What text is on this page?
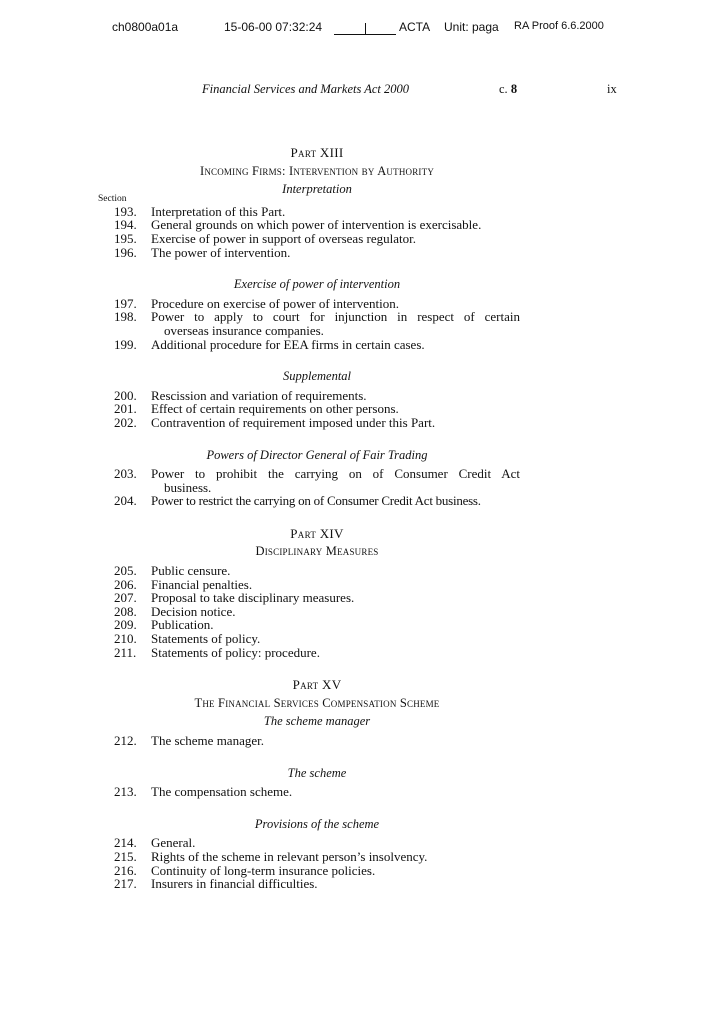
ch0800a01a	15-06-00 07:32:24	ACTA Unit: paga RA Proof 6.6.2000
Financial Services and Markets Act 2000	c. 8	ix

Part XIII

Incoming Firms: Intervention by Authority

Interpretation

Section
193.	Interpretation of this Part.
194.	General grounds on which power of intervention is exercisable.
195.	Exercise of power in support of overseas regulator.
196.	The power of intervention.

Exercise of power of intervention

197.	Procedure on exercise of power of intervention.
198.	Power to apply to court for injunction in respect of certain
overseas insurance companies.
199.	Additional procedure for EEA firms in certain cases.

Supplemental

200.	Rescission and variation of requirements.
201.	Effect of certain requirements on other persons.
202.	Contravention of requirement imposed under this Part.

Powers of Director General of Fair Trading

203.	Power to prohibit the carrying on of Consumer Credit Act
business.
204.	Power to restrict the carrying on of Consumer Credit Act business.

Part XIV

Disciplinary Measures

205.	Public censure.
206.	Financial penalties.
207.	Proposal to take disciplinary measures.
208.	Decision notice.
209.	Publication.
210.	Statements of policy.
211.	Statements of policy: procedure.

Part XV

The Financial Services Compensation Scheme

The scheme manager

212.	The scheme manager.

The scheme

213.	The compensation scheme.

Provisions of the scheme

214.	General.
215.	Rights of the scheme in relevant person’s insolvency.
216.	Continuity of long-term insurance policies.
217.	Insurers in financial difficulties.
